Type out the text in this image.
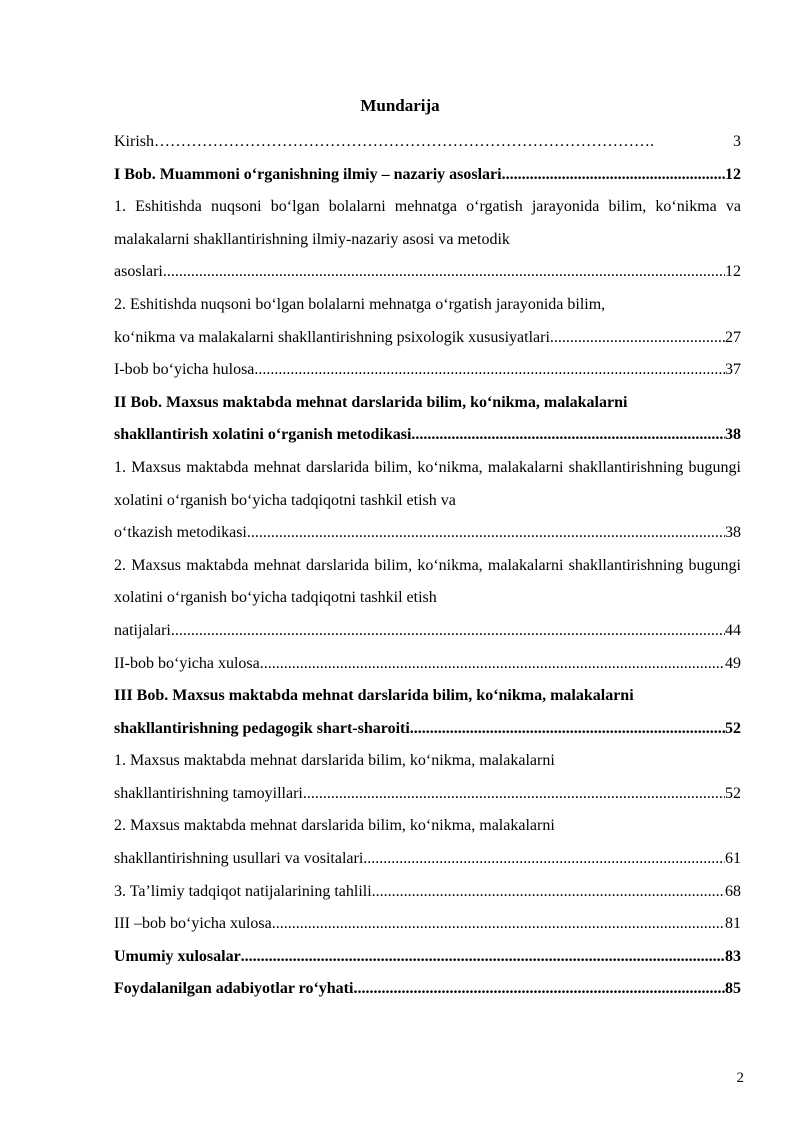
Mundarija
Kirish………………………………………………………………………………….	3
I Bob. Muammoni o‘rganishning ilmiy – nazariy asoslari .....	12
1. Eshitishda nuqsoni bo‘lgan bolalarni mehnatga o‘rgatish jarayonida bilim, ko‘nikma va malakalarni shakllantirishning ilmiy-nazariy asosi va metodik
asoslari .....	12
2. Eshitishda nuqsoni bo‘lgan bolalarni mehnatga o‘rgatish jarayonida bilim,
ko‘nikma va malakalarni shakllantirishning psixologik xususiyatlari .....	27
I-bob bo‘yicha hulosa .....	37
II Bob. Maxsus maktabda mehnat darslarida bilim, ko‘nikma, malakalarni
shakllantirish xolatini o‘rganish metodikasi .....	38
1. Maxsus maktabda mehnat darslarida bilim, ko‘nikma, malakalarni shakllantirishning bugungi xolatini o‘rganish bo‘yicha tadqiqotni tashkil etish va
o‘tkazish metodikasi .....	38
2. Maxsus maktabda mehnat darslarida bilim, ko‘nikma, malakalarni shakllantirishning bugungi xolatini o‘rganish bo‘yicha tadqiqotni tashkil etish
natijalari .....	44
II-bob bo‘yicha xulosa .....	49
III Bob. Maxsus maktabda mehnat darslarida bilim, ko‘nikma, malakalarni
shakllantirishning pedagogik shart-sharoiti .....	52
1. Maxsus maktabda mehnat darslarida bilim, ko‘nikma, malakalarni
shakllantirishning tamoyillari .....	52
2. Maxsus maktabda mehnat darslarida bilim, ko‘nikma, malakalarni
shakllantirishning usullari va vositalari .....	61
3. Ta’limiy tadqiqot natijalarining tahlili .....	68
III –bob bo‘yicha xulosa .....	81
Umumiy xulosalar .....	83
Foydalanilgan adabiyotlar ro‘yhati .....	85
2
